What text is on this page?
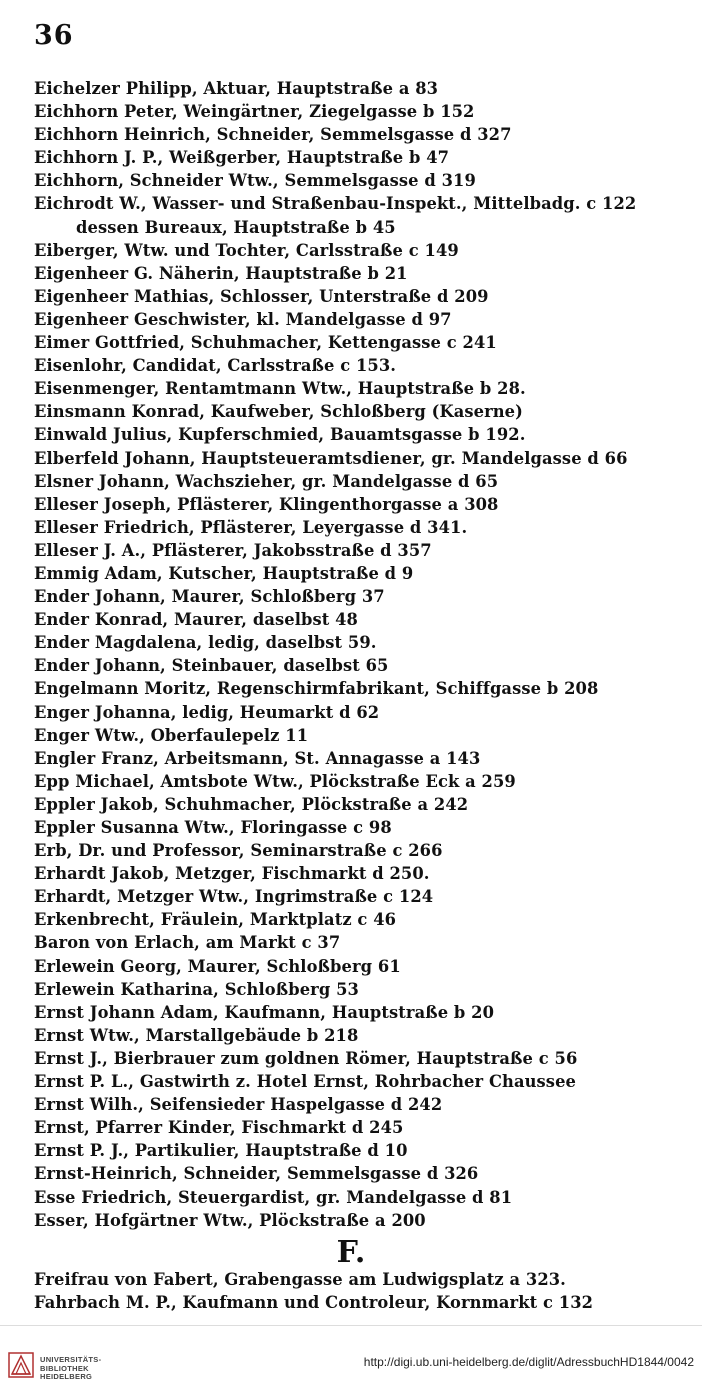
36
Eichelzer Philipp, Aktuar, Hauptstraße a 83
Eichhorn Peter, Weingärtner, Ziegelgasse b 152
Eichhorn Heinrich, Schneider, Semmelsgasse d 327
Eichhorn J. P., Weißgerber, Hauptstraße b 47
Eichhorn, Schneider Wtw., Semmelsgasse d 319
Eichrodt W., Wasser- und Straßenbau-Inspekt., Mittelbadg. c 122
dessen Bureaux, Hauptstraße b 45
Eiberger, Wtw. und Tochter, Carlsstraße c 149
Eigenheer G. Näherin, Hauptstraße b 21
Eigenheer Mathias, Schlosser, Unterstraße d 209
Eigenheer Geschwister, kl. Mandelgasse d 97
Eimer Gottfried, Schuhmacher, Kettengasse c 241
Eisenlohr, Candidat, Carlsstraße c 153.
Eisenmenger, Rentamtmann Wtw., Hauptstraße b 28.
Einsmann Konrad, Kaufweber, Schloßberg (Kaserne)
Einwald Julius, Kupferschmied, Bauamtsgasse b 192.
Elberfeld Johann, Hauptsteueramtsdiener, gr. Mandelgasse d 66
Elsner Johann, Wachszieher, gr. Mandelgasse d 65
Elleser Joseph, Pflästerer, Klingenthorgasse a 308
Elleser Friedrich, Pflästerer, Leyergasse d 341.
Elleser J. A., Pflästerer, Jakobsstraße d 357
Emmig Adam, Kutscher, Hauptstraße d 9
Ender Johann, Maurer, Schloßberg 37
Ender Konrad, Maurer, daselbst 48
Ender Magdalena, ledig, daselbst 59.
Ender Johann, Steinbauer, daselbst 65
Engelmann Moritz, Regenschirmfabrikant, Schiffgasse b 208
Enger Johanna, ledig, Heumarkt d 62
Enger Wtw., Oberfaulepelz 11
Engler Franz, Arbeitsmann, St. Annagasse a 143
Epp Michael, Amtsbote Wtw., Plöckstraße Eck a 259
Eppler Jakob, Schuhmacher, Plöckstraße a 242
Eppler Susanna Wtw., Floringasse c 98
Erb, Dr. und Professor, Seminarstraße c 266
Erhardt Jakob, Metzger, Fischmarkt d 250.
Erhardt, Metzger Wtw., Ingrimstraße c 124
Erkenbrecht, Fräulein, Marktplatz c 46
Baron von Erlach, am Markt c 37
Erlewein Georg, Maurer, Schloßberg 61
Erlewein Katharina, Schloßberg 53
Ernst Johann Adam, Kaufmann, Hauptstraße b 20
Ernst Wtw., Marstallgebäude b 218
Ernst J., Bierbrauer zum goldnen Römer, Hauptstraße c 56
Ernst P. L., Gastwirth z. Hotel Ernst, Rohrbacher Chaussee
Ernst Wilh., Seifensieder Haspelgasse d 242
Ernst, Pfarrer Kinder, Fischmarkt d 245
Ernst P. J., Partikulier, Hauptstraße d 10
Ernst-Heinrich, Schneider, Semmelsgasse d 326
Esse Friedrich, Steuergardist, gr. Mandelgasse d 81
Esser, Hofgärtner Wtw., Plöckstraße a 200
F.
Freifrau von Fabert, Grabengasse am Ludwigsplatz a 323.
Fahrbach M. P., Kaufmann und Controleur, Kornmarkt c 132
UNIVERSITÄTS-
BIBLIOTHEK
HEIDELBERG
http://digi.ub.uni-heidelberg.de/diglit/AdressbuchHD1844/0042
